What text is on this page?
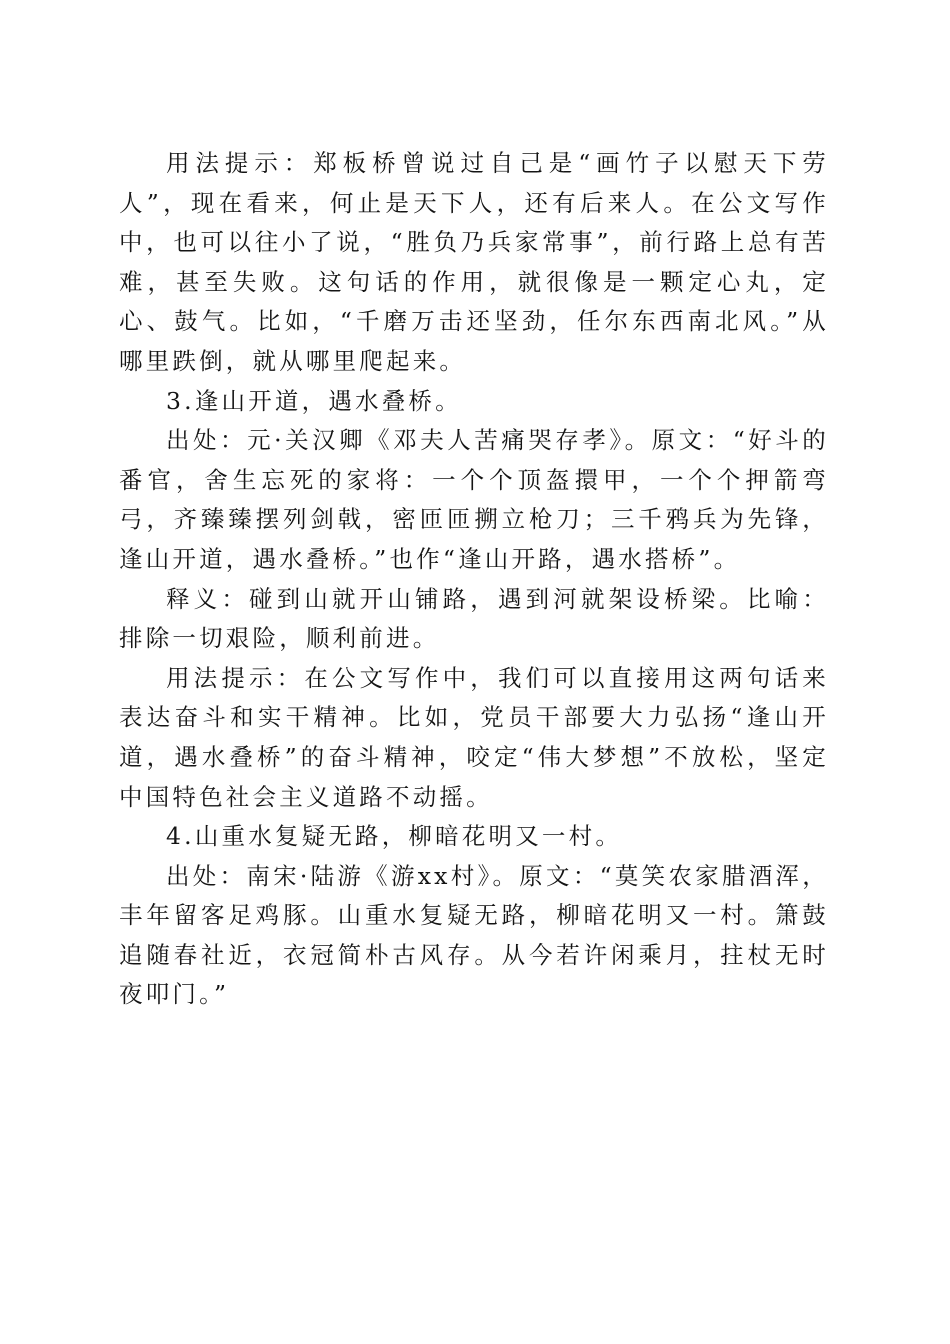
用法提示：郑板桥曾说过自己是“画竹子以慰天下劳人”，现在看来，何止是天下人，还有后来人。在公文写作中，也可以往小了说，“胜负乃兵家常事”，前行路上总有苦难，甚至失败。这句话的作用，就很像是一颗定心丸，定心、鼓气。比如，“千磨万击还坚劲，任尔东西南北风。”从哪里跌倒，就从哪里爬起来。

3.逢山开道，遇水叠桥。

出处：元·关汉卿《邓夫人苦痛哭存孝》。原文：“好斗的番官，舍生忘死的家将：一个个顶盔擐甲，一个个押箭弯弓，齐臻臻摆列剑戟，密匝匝搠立枪刀；三千鸦兵为先锋，逢山开道，遇水叠桥。”也作“逢山开路，遇水搭桥”。

释义：碰到山就开山铺路，遇到河就架设桥梁。比喻：排除一切艰险，顺利前进。

用法提示：在公文写作中，我们可以直接用这两句话来表达奋斗和实干精神。比如，党员干部要大力弘扬“逢山开道，遇水叠桥”的奋斗精神，咬定“伟大梦想”不放松，坚定中国特色社会主义道路不动摇。

4.山重水复疑无路，柳暗花明又一村。

出处：南宋·陆游《游xx村》。原文：“莫笑农家腊酒浑，丰年留客足鸡豚。山重水复疑无路，柳暗花明又一村。箫鼓追随春社近，衣冠简朴古风存。从今若许闲乘月，拄杖无时夜叩门。”
